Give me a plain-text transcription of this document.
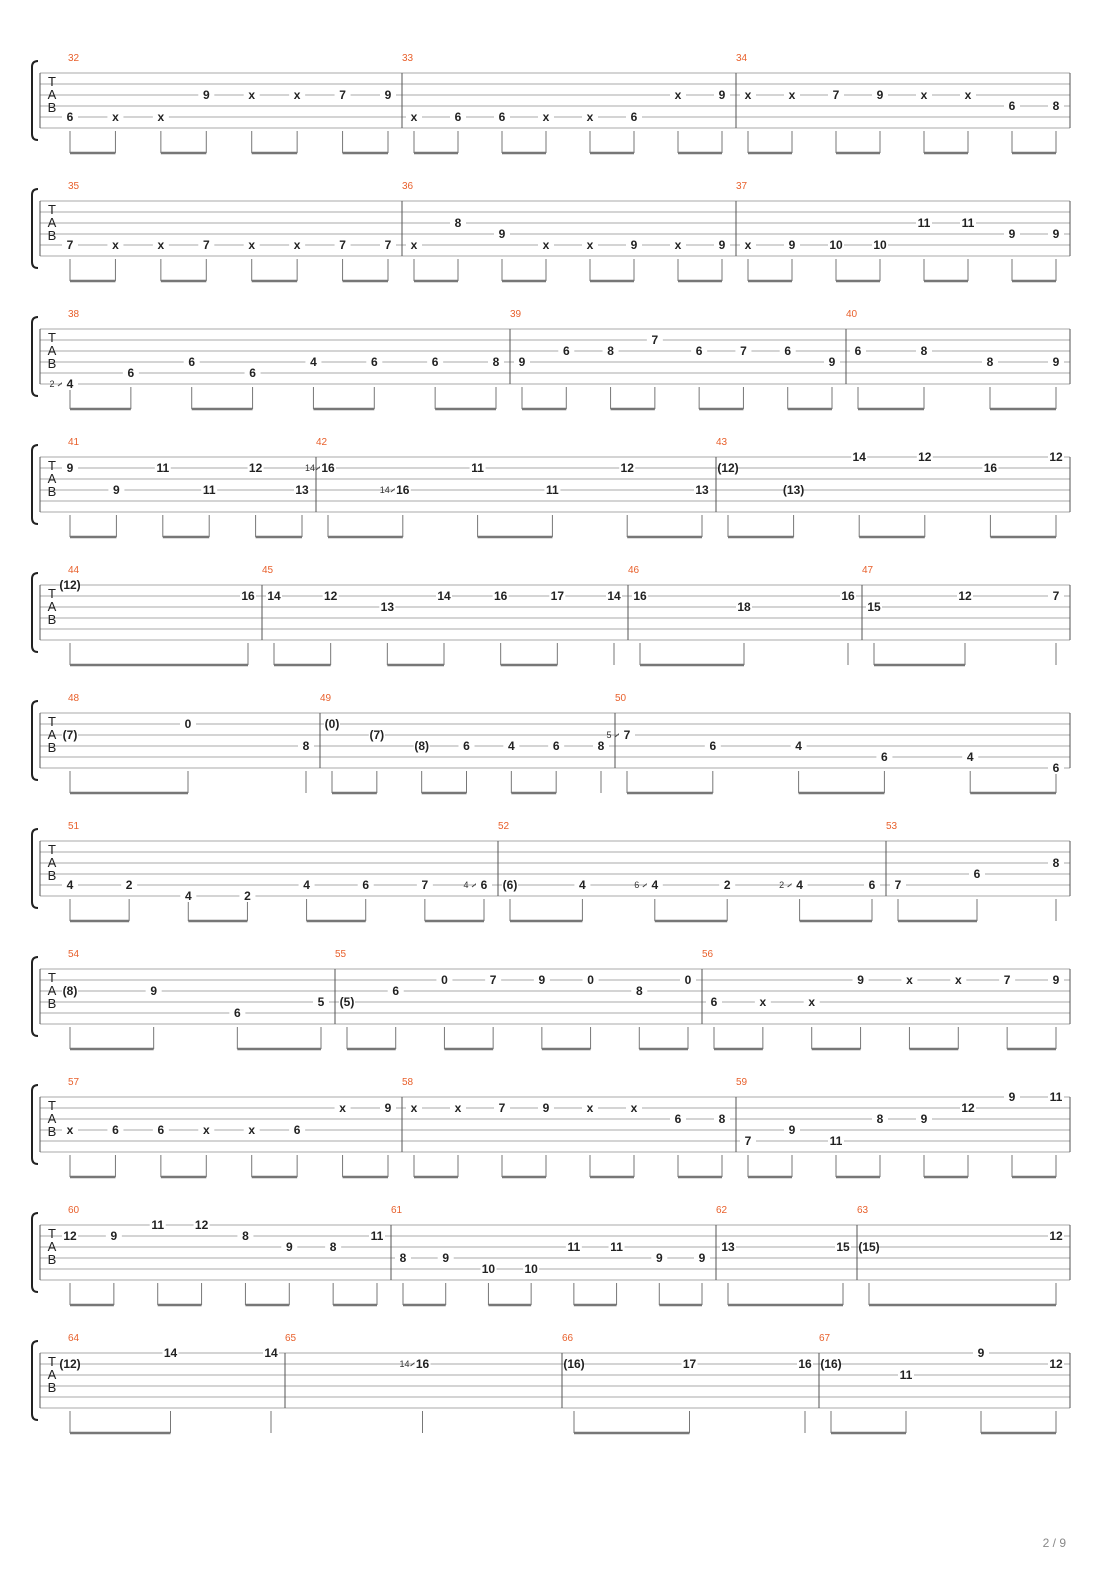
T
A
B
32
6	x	x
9	x	x	7	9
33
x	6	6	x	x	6
x	9
34
x	x	7	9	x	x
6	8
T
A
B
35
7	x	x	7	x	x	7	7
36
x
8
9
x	x	9	x	9
37
x	9	10	10
11	11
9	9
T
A
B
38
2 4
6
6
6
4	6	6	8
39
9
6	8
7
6	7	6
9
40
6	8
8	9
T
A
B
41
9
9
11
11
12
13
42
14 16
14 16
11
11
12
13
43
(12)
(13)
14	12
16
12
T
A
B
44
(12)
16
45
14	12
13
14	16	17	14
46
16
18
16
47
15
12	7
T
A
B
48
(7)
0
8
49
(0)
(7)
(8)	6	4	6	8
50
5 7
6	4
6	4
6
T
A
B
51
4	2
4	2
4	6	7	4 6
52
(6)	4	6 4	2	2 4	6
53
7
6
8
T
A
B
54
(8)	9
6
5
55
(5)
6
0	7	9	0
8
0
56
6	x	x
9	x	x	7	9
T
A
B
57
x	6	6	x	x	6
x	9
58
x	x	7	9	x	x
6	8
59
7
9
11
8	9
12
9	11
T
A
B
60
12	9
11	12
8
9	8
11
61
8	9
10 10
11	11
9	9
62
13	15
63
(15)
12
T
A
B
64
(12)
14	14
65
14 16
66
(16)	17	16
67
(16)
11
9
12
2 / 9
